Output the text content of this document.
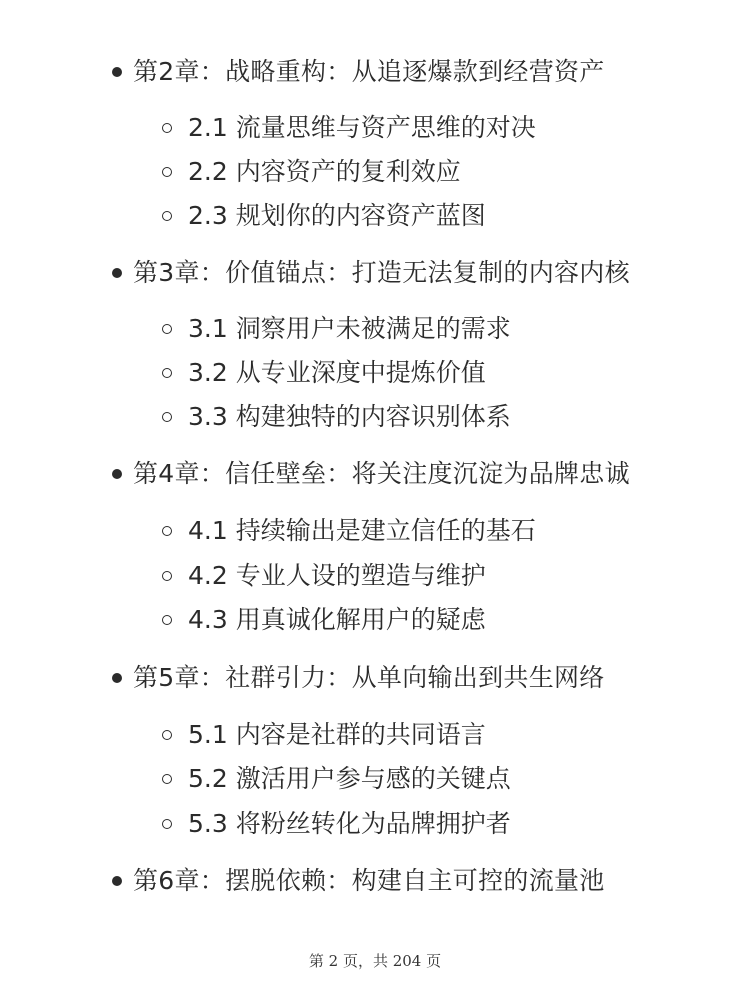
第2章：战略重构：从追逐爆款到经营资产
2.1 流量思维与资产思维的对决
2.2 内容资产的复利效应
2.3 规划你的内容资产蓝图
第3章：价值锚点：打造无法复制的内容内核
3.1 洞察用户未被满足的需求
3.2 从专业深度中提炼价值
3.3 构建独特的内容识别体系
第4章：信任壁垒：将关注度沉淀为品牌忠诚
4.1 持续输出是建立信任的基石
4.2 专业人设的塑造与维护
4.3 用真诚化解用户的疑虑
第5章：社群引力：从单向输出到共生网络
5.1 内容是社群的共同语言
5.2 激活用户参与感的关键点
5.3 将粉丝转化为品牌拥护者
第6章：摆脱依赖：构建自主可控的流量池
第 2 页，共 204 页
